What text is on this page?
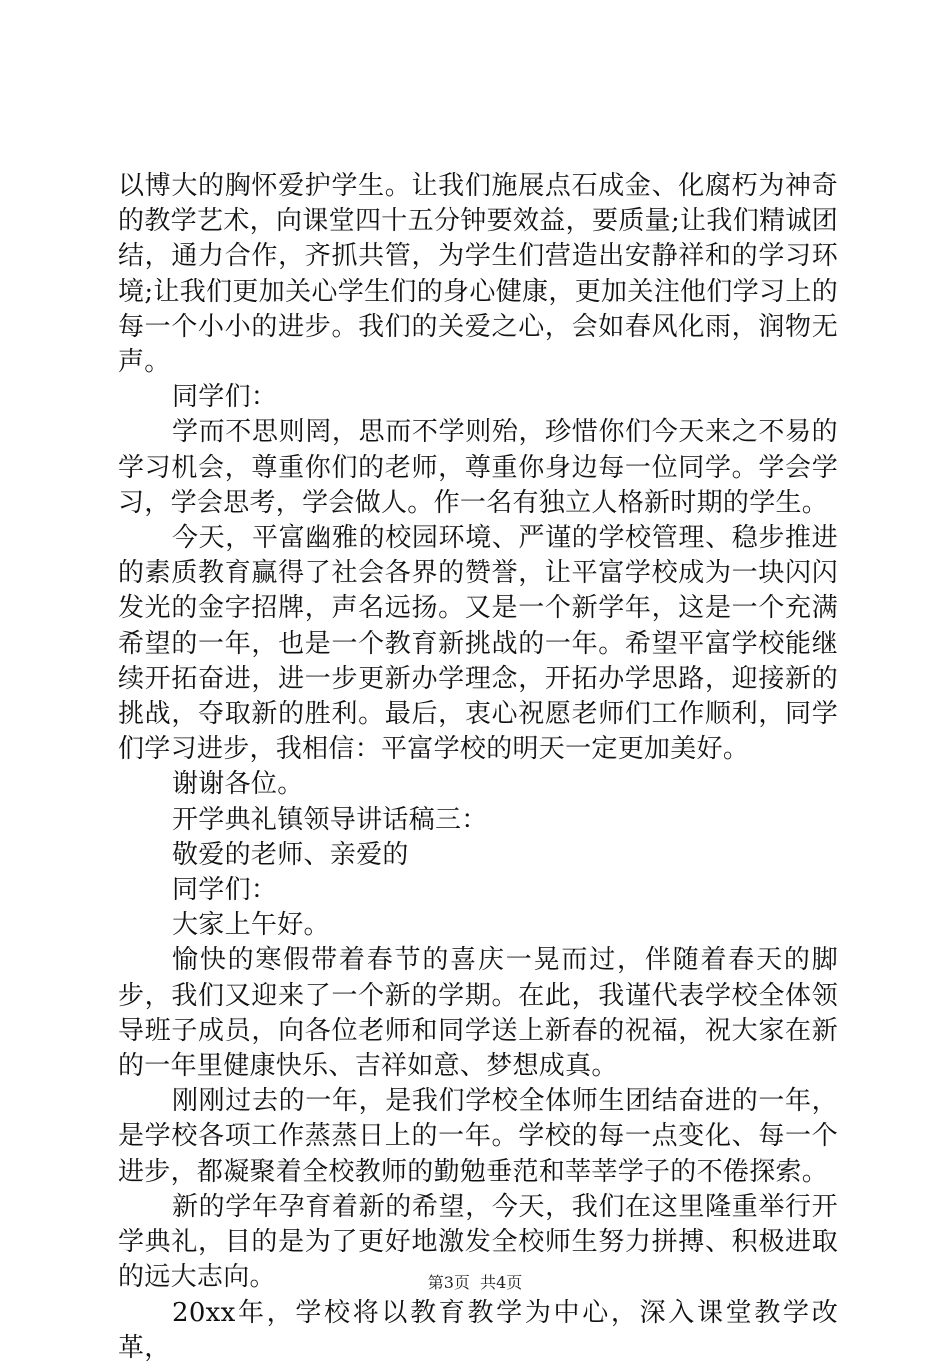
以博大的胸怀爱护学生。让我们施展点石成金、化腐朽为神奇的教学艺术，向课堂四十五分钟要效益，要质量;让我们精诚团结，通力合作，齐抓共管，为学生们营造出安静祥和的学习环境;让我们更加关心学生们的身心健康，更加关注他们学习上的每一个小小的进步。我们的关爱之心，会如春风化雨，润物无声。

同学们：

学而不思则罔，思而不学则殆，珍惜你们今天来之不易的学习机会，尊重你们的老师，尊重你身边每一位同学。学会学习，学会思考，学会做人。作一名有独立人格新时期的学生。

今天，平富幽雅的校园环境、严谨的学校管理、稳步推进的素质教育赢得了社会各界的赞誉，让平富学校成为一块闪闪发光的金字招牌，声名远扬。又是一个新学年，这是一个充满希望的一年，也是一个教育新挑战的一年。希望平富学校能继续开拓奋进，进一步更新办学理念，开拓办学思路，迎接新的挑战，夺取新的胜利。最后，衷心祝愿老师们工作顺利，同学们学习进步，我相信：平富学校的明天一定更加美好。

谢谢各位。

开学典礼镇领导讲话稿三：

敬爱的老师、亲爱的

同学们：

大家上午好。

愉快的寒假带着春节的喜庆一晃而过，伴随着春天的脚步，我们又迎来了一个新的学期。在此，我谨代表学校全体领导班子成员，向各位老师和同学送上新春的祝福，祝大家在新的一年里健康快乐、吉祥如意、梦想成真。

刚刚过去的一年，是我们学校全体师生团结奋进的一年，是学校各项工作蒸蒸日上的一年。学校的每一点变化、每一个进步，都凝聚着全校教师的勤勉垂范和莘莘学子的不倦探索。

新的学年孕育着新的希望，今天，我们在这里隆重举行开学典礼，目的是为了更好地激发全校师生努力拼搏、积极进取的远大志向。

20xx年，学校将以教育教学为中心，深入课堂教学改革，

第3页  共4页
